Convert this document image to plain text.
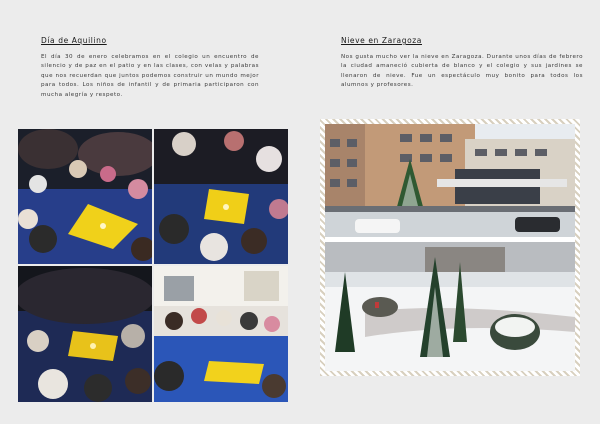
Día de Aquilino
El día 30 de enero celebramos en el colegio un encuentro de silencio y de paz en el patio y en las clases, con velas y palabras que nos recuerdan que juntos podemos construir un mundo mejor para todos. Los niños de infantil y de primaria participaron con mucha alegría y respeto.
Nieve en Zaragoza
Nos gusta mucho ver la nieve en Zaragoza. Durante unos días de febrero la ciudad amaneció cubierta de blanco y el colegio y sus jardines se llenaron de nieve. Fue un espectáculo muy bonito para todos los alumnos y profesores.
